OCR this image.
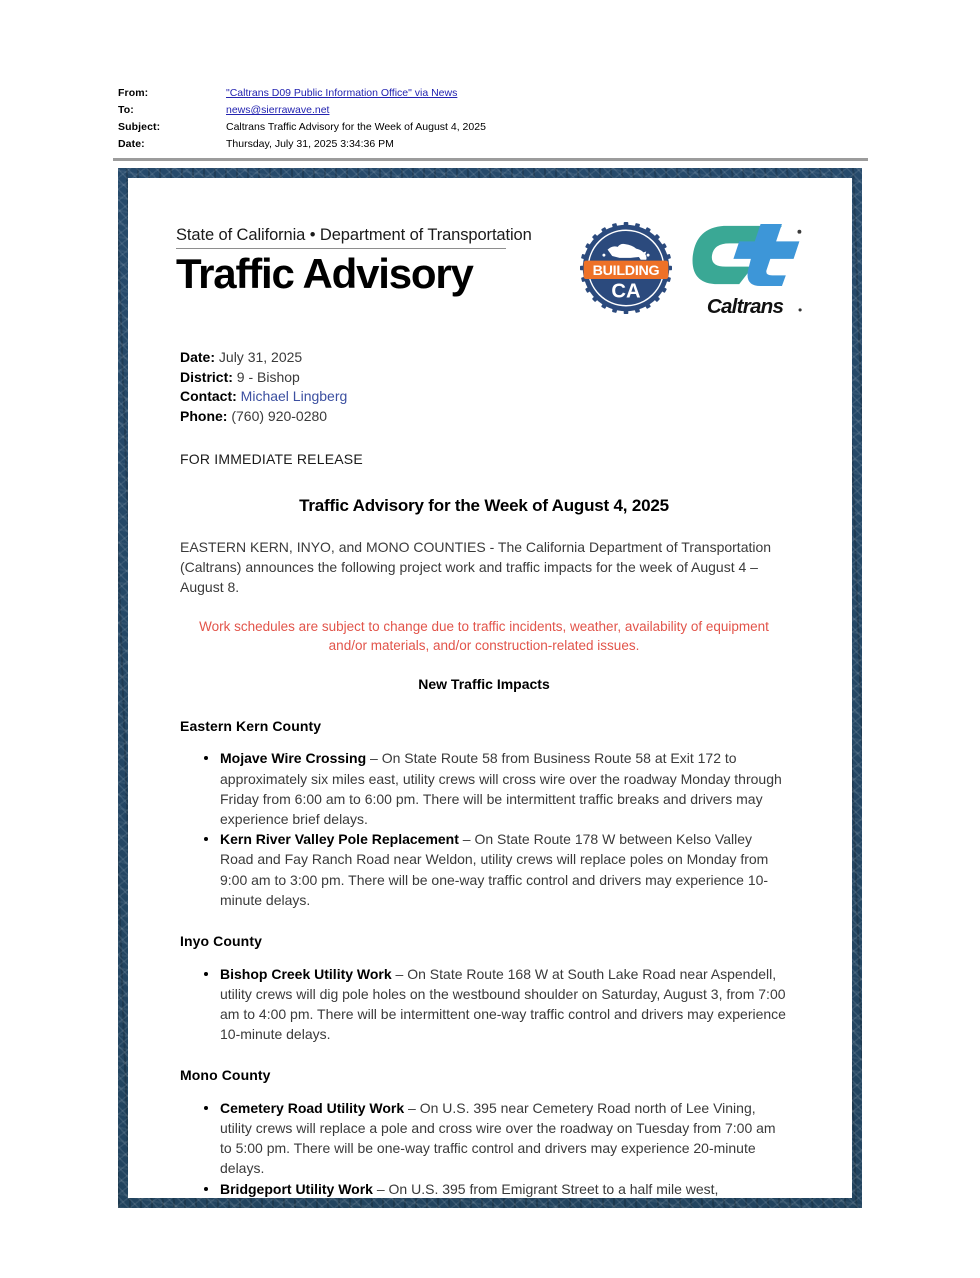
From:	"Caltrans D09 Public Information Office" via News
To:	news@sierrawave.net
Subject:	Caltrans Traffic Advisory for the Week of August 4, 2025
Date:	Thursday, July 31, 2025 3:34:36 PM
State of California • Department of Transportation
Traffic Advisory	BUILDING
CA
Caltrans
Date: July 31, 2025
District: 9 - Bishop
Contact: Michael Lingberg
Phone: (760) 920-0280
FOR IMMEDIATE RELEASE
Traffic Advisory for the Week of August 4, 2025
EASTERN KERN, INYO, and MONO COUNTIES - The California Department of Transportation (Caltrans) announces the following project work and traffic impacts for the week of August 4 – August 8.
Work schedules are subject to change due to traffic incidents, weather, availability of equipment and/or materials, and/or construction-related issues.
New Traffic Impacts
Eastern Kern County
Mojave Wire Crossing – On State Route 58 from Business Route 58 at Exit 172 to approximately six miles east, utility crews will cross wire over the roadway Monday through Friday from 6:00 am to 6:00 pm. There will be intermittent traffic breaks and drivers may experience brief delays.
Kern River Valley Pole Replacement – On State Route 178 W between Kelso Valley Road and Fay Ranch Road near Weldon, utility crews will replace poles on Monday from 9:00 am to 3:00 pm. There will be one-way traffic control and drivers may experience 10-minute delays.
Inyo County
Bishop Creek Utility Work – On State Route 168 W at South Lake Road near Aspendell, utility crews will dig pole holes on the westbound shoulder on Saturday, August 3, from 7:00 am to 4:00 pm. There will be intermittent one-way traffic control and drivers may experience 10-minute delays.
Mono County
Cemetery Road Utility Work – On U.S. 395 near Cemetery Road north of Lee Vining, utility crews will replace a pole and cross wire over the roadway on Tuesday from 7:00 am to 5:00 pm. There will be one-way traffic control and drivers may experience 20-minute delays.
Bridgeport Utility Work – On U.S. 395 from Emigrant Street to a half mile west,
